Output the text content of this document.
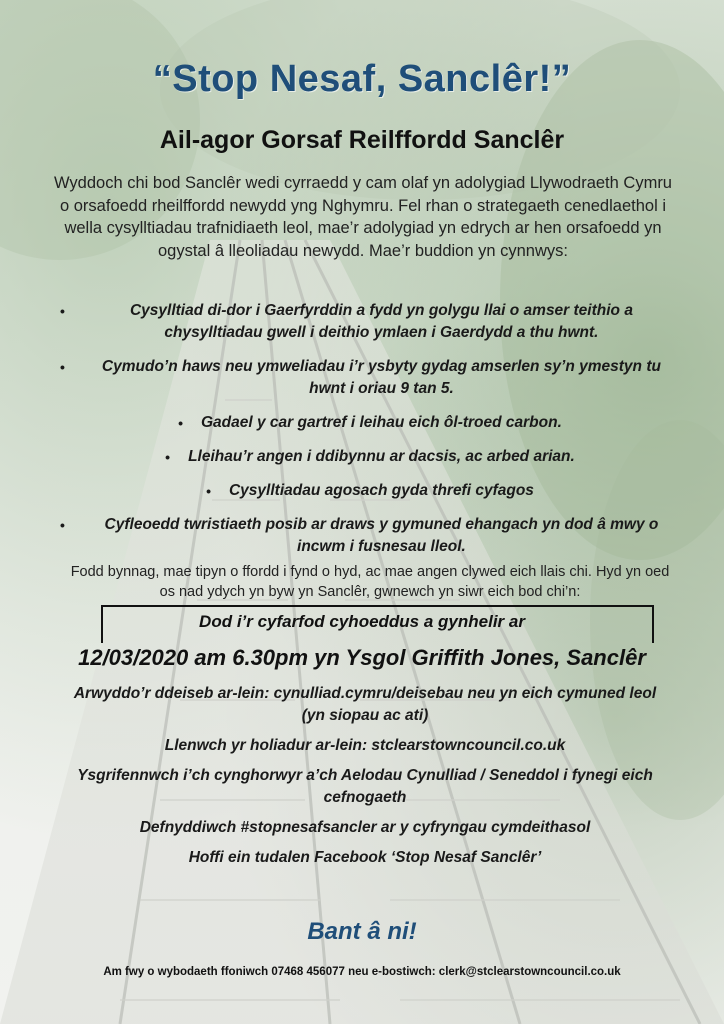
“Stop Nesaf, Sanclêr!”
Ail-agor Gorsaf Reilffordd Sanclêr
Wyddoch chi bod Sanclêr wedi cyrraedd y cam olaf yn adolygiad Llywodraeth Cymru o orsafoedd rheilffordd newydd yng Nghymru. Fel rhan o strategaeth cenedlaethol i wella cysylltiadau trafnidiaeth leol, mae’r adolygiad yn edrych ar hen orsafoedd yn ogystal â lleoliadau newydd. Mae’r buddion yn cynnwys:
•	Cysylltiad di-dor i Gaerfyrddin a fydd yn golygu llai o amser teithio a chysylltiadau gwell i deithio ymlaen i Gaerdydd a thu hwnt.
•	Cymudo’n haws neu ymweliadau i’r ysbyty gydag amserlen sy’n ymestyn tu hwnt i oriau 9 tan 5.
• Gadael y car gartref i leihau eich ôl-troed carbon.
• Lleihau’r angen i ddibynnu ar dacsis, ac arbed arian.
• Cysylltiadau agosach gyda threfi cyfagos
•	Cyfleoedd twristiaeth posib ar draws y gymuned ehangach yn dod â mwy o incwm i fusnesau lleol.
Fodd bynnag, mae tipyn o ffordd i fynd o hyd, ac mae angen clywed eich llais chi. Hyd yn oed os nad ydych yn byw yn Sanclêr, gwnewch yn siwr eich bod chi’n:
Dod i’r cyfarfod cyhoeddus a gynhelir ar
12/03/2020 am 6.30pm yn Ysgol Griffith Jones, Sanclêr
Arwyddo’r ddeiseb ar-lein: cynulliad.cymru/deisebau neu yn eich cymuned leol (yn siopau ac ati)
Llenwch yr holiadur ar-lein: stclearstowncouncil.co.uk
Ysgrifennwch i’ch cynghorwyr a’ch Aelodau Cynulliad / Seneddol i fynegi eich cefnogaeth
Defnyddiwch #stopnesafsancler ar y cyfryngau cymdeithasol
Hoffi ein tudalen Facebook ‘Stop Nesaf Sanclêr’
Bant â ni!
Am fwy o wybodaeth ffoniwch 07468 456077 neu e-bostiwch: clerk@stclearstowncouncil.co.uk
